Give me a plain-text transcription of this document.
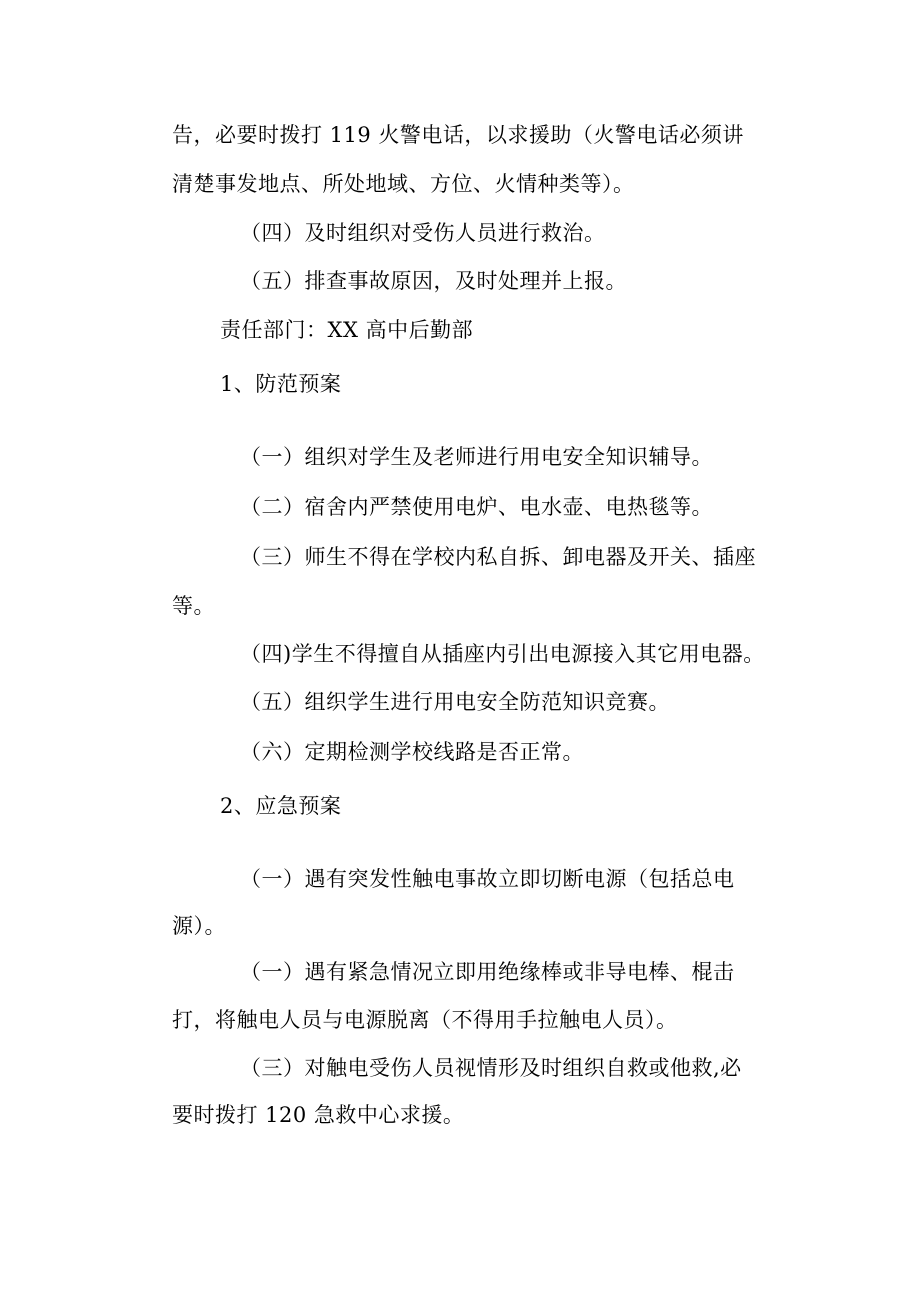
告，必要时拨打 119 火警电话，以求援助（火警电话必须讲
清楚事发地点、所处地域、方位、火情种类等）。
（四）及时组织对受伤人员进行救治。
（五）排查事故原因，及时处理并上报。
责任部门：XX 高中后勤部
1、防范预案
（一）组织对学生及老师进行用电安全知识辅导。
（二）宿舍内严禁使用电炉、电水壶、电热毯等。
（三）师生不得在学校内私自拆、卸电器及开关、插座
等。
（四)学生不得擅自从插座内引出电源接入其它用电器。
（五）组织学生进行用电安全防范知识竞赛。
（六）定期检测学校线路是否正常。
2、应急预案
（一）遇有突发性触电事故立即切断电源（包括总电
源）。
（一）遇有紧急情况立即用绝缘棒或非导电棒、棍击
打，将触电人员与电源脱离（不得用手拉触电人员）。
（三）对触电受伤人员视情形及时组织自救或他救,必
要时拨打 120 急救中心求援。
